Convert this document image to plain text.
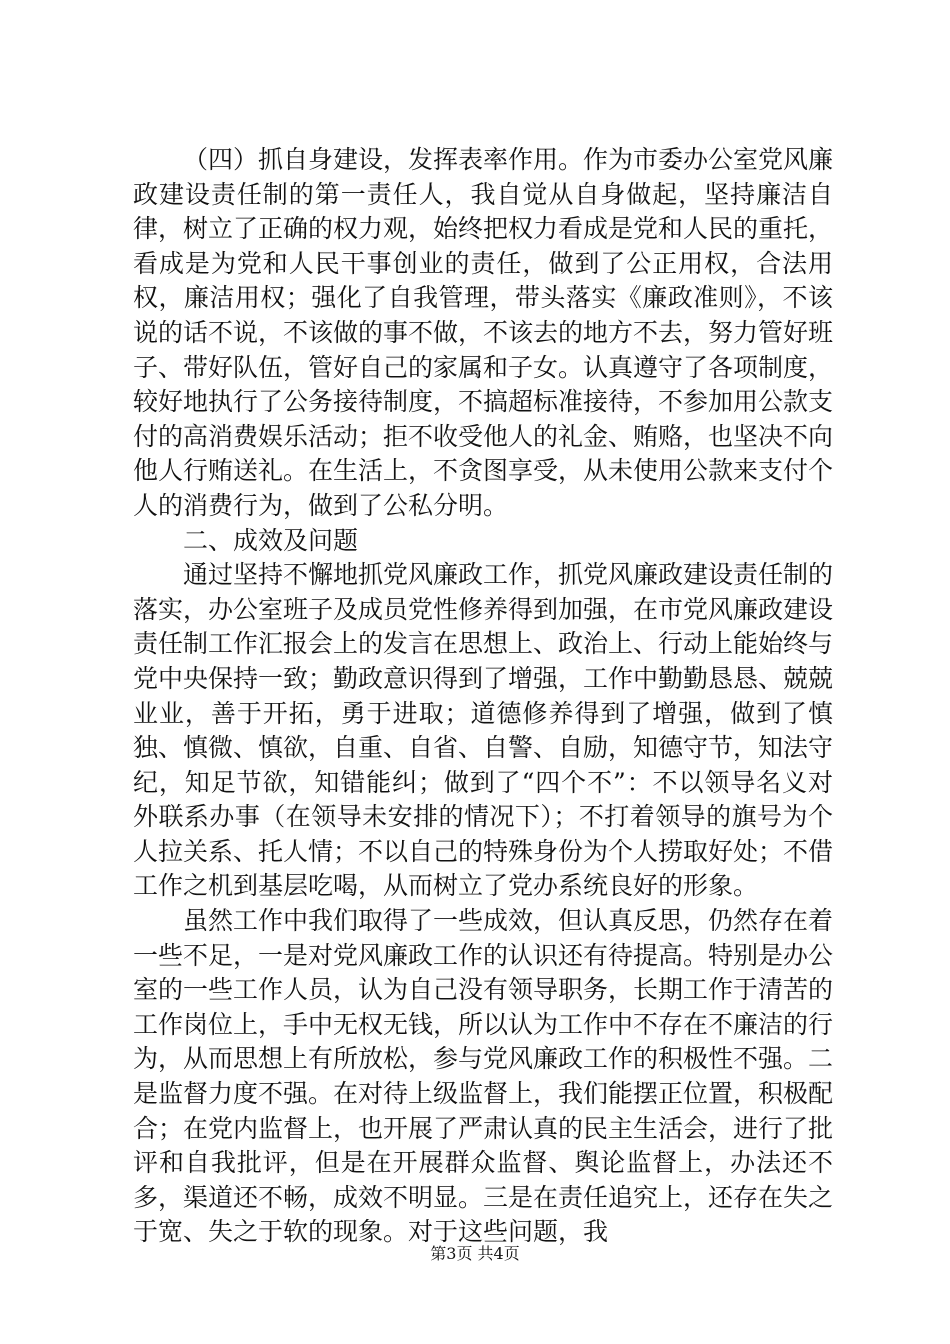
（四）抓自身建设，发挥表率作用。作为市委办公室党风廉政建设责任制的第一责任人，我自觉从自身做起，坚持廉洁自律，树立了正确的权力观，始终把权力看成是党和人民的重托，看成是为党和人民干事创业的责任，做到了公正用权，合法用权，廉洁用权；强化了自我管理，带头落实《廉政准则》，不该说的话不说，不该做的事不做，不该去的地方不去，努力管好班子、带好队伍，管好自己的家属和子女。认真遵守了各项制度，较好地执行了公务接待制度，不搞超标准接待，不参加用公款支付的高消费娱乐活动；拒不收受他人的礼金、贿赂，也坚决不向他人行贿送礼。在生活上，不贪图享受，从未使用公款来支付个人的消费行为，做到了公私分明。

二、成效及问题

通过坚持不懈地抓党风廉政工作，抓党风廉政建设责任制的落实，办公室班子及成员党性修养得到加强，在市党风廉政建设责任制工作汇报会上的发言在思想上、政治上、行动上能始终与党中央保持一致；勤政意识得到了增强，工作中勤勤恳恳、兢兢业业，善于开拓，勇于进取；道德修养得到了增强，做到了慎独、慎微、慎欲，自重、自省、自警、自励，知德守节，知法守纪，知足节欲，知错能纠；做到了“四个不”：不以领导名义对外联系办事（在领导未安排的情况下）；不打着领导的旗号为个人拉关系、托人情；不以自己的特殊身份为个人捞取好处；不借工作之机到基层吃喝，从而树立了党办系统良好的形象。

虽然工作中我们取得了一些成效，但认真反思，仍然存在着一些不足，一是对党风廉政工作的认识还有待提高。特别是办公室的一些工作人员，认为自己没有领导职务，长期工作于清苦的工作岗位上，手中无权无钱，所以认为工作中不存在不廉洁的行为，从而思想上有所放松，参与党风廉政工作的积极性不强。二是监督力度不强。在对待上级监督上，我们能摆正位置，积极配合；在党内监督上，也开展了严肃认真的民主生活会，进行了批评和自我批评，但是在开展群众监督、舆论监督上，办法还不多，渠道还不畅，成效不明显。三是在责任追究上，还存在失之于宽、失之于软的现象。对于这些问题，我

第3页 共4页
